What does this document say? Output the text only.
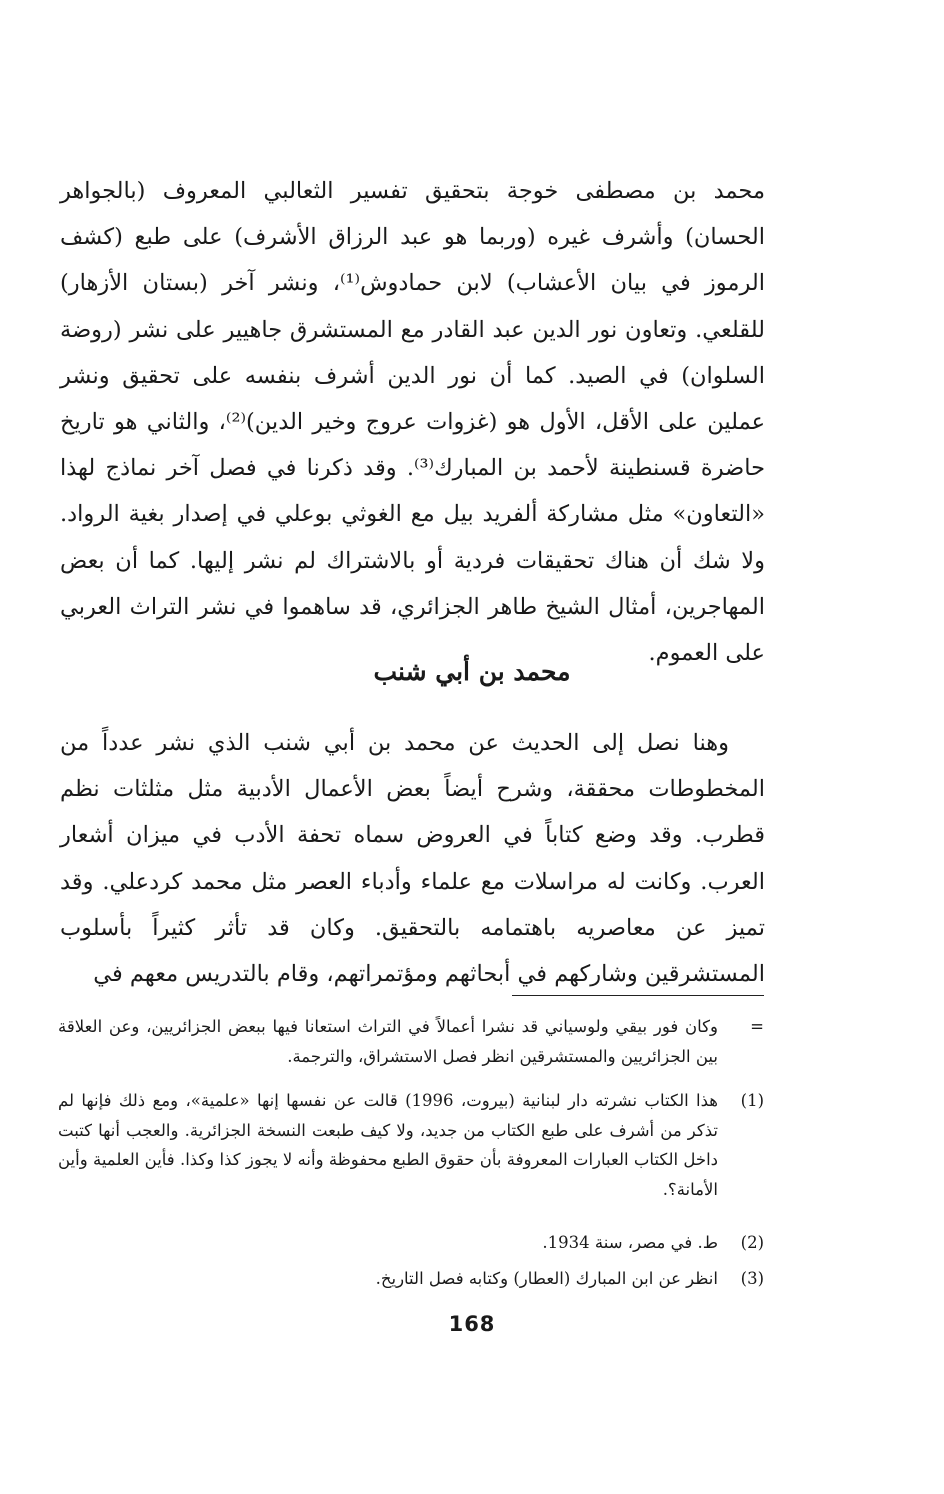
محمد بن مصطفى خوجة بتحقيق تفسير الثعالبي المعروف (بالجواهر الحسان) وأشرف غيره (وربما هو عبد الرزاق الأشرف) على طبع (كشف الرموز في بيان الأعشاب) لابن حمادوش⁽¹⁾، ونشر آخر (بستان الأزهار) للقلعي. وتعاون نور الدين عبد القادر مع المستشرق جاهيير على نشر (روضة السلوان) في الصيد. كما أن نور الدين أشرف بنفسه على تحقيق ونشر عملين على الأقل، الأول هو (غزوات عروج وخير الدين)⁽²⁾، والثاني هو تاريخ حاضرة قسنطينة لأحمد بن المبارك⁽³⁾. وقد ذكرنا في فصل آخر نماذج لهذا «التعاون» مثل مشاركة ألفريد بيل مع الغوثي بوعلي في إصدار بغية الرواد. ولا شك أن هناك تحقيقات فردية أو بالاشتراك لم نشر إليها. كما أن بعض المهاجرين، أمثال الشيخ طاهر الجزائري، قد ساهموا في نشر التراث العربي على العموم.

محمد بن أبي شنب

وهنا نصل إلى الحديث عن محمد بن أبي شنب الذي نشر عدداً من المخطوطات محققة، وشرح أيضاً بعض الأعمال الأدبية مثل مثلثات نظم قطرب. وقد وضع كتاباً في العروض سماه تحفة الأدب في ميزان أشعار العرب. وكانت له مراسلات مع علماء وأدباء العصر مثل محمد كردعلي. وقد تميز عن معاصريه باهتمامه بالتحقيق. وكان قد تأثر كثيراً بأسلوب المستشرقين وشاركهم في أبحاثهم ومؤتمراتهم، وقام بالتدريس معهم في

=
وكان فور بيقي ولوسياني قد نشرا أعمالاً في التراث استعانا فيها ببعض الجزائريين، وعن العلاقة بين الجزائريين والمستشرقين انظر فصل الاستشراق، والترجمة.
(1)
هذا الكتاب نشرته دار لبنانية (بيروت، 1996) قالت عن نفسها إنها «علمية»، ومع ذلك فإنها لم تذكر من أشرف على طبع الكتاب من جديد، ولا كيف طبعت النسخة الجزائرية. والعجب أنها كتبت داخل الكتاب العبارات المعروفة بأن حقوق الطبع محفوظة وأنه لا يجوز كذا وكذا. فأين العلمية وأين الأمانة؟.
(2)
ط. في مصر، سنة 1934.
(3)
انظر عن ابن المبارك (العطار) وكتابه فصل التاريخ.
168
